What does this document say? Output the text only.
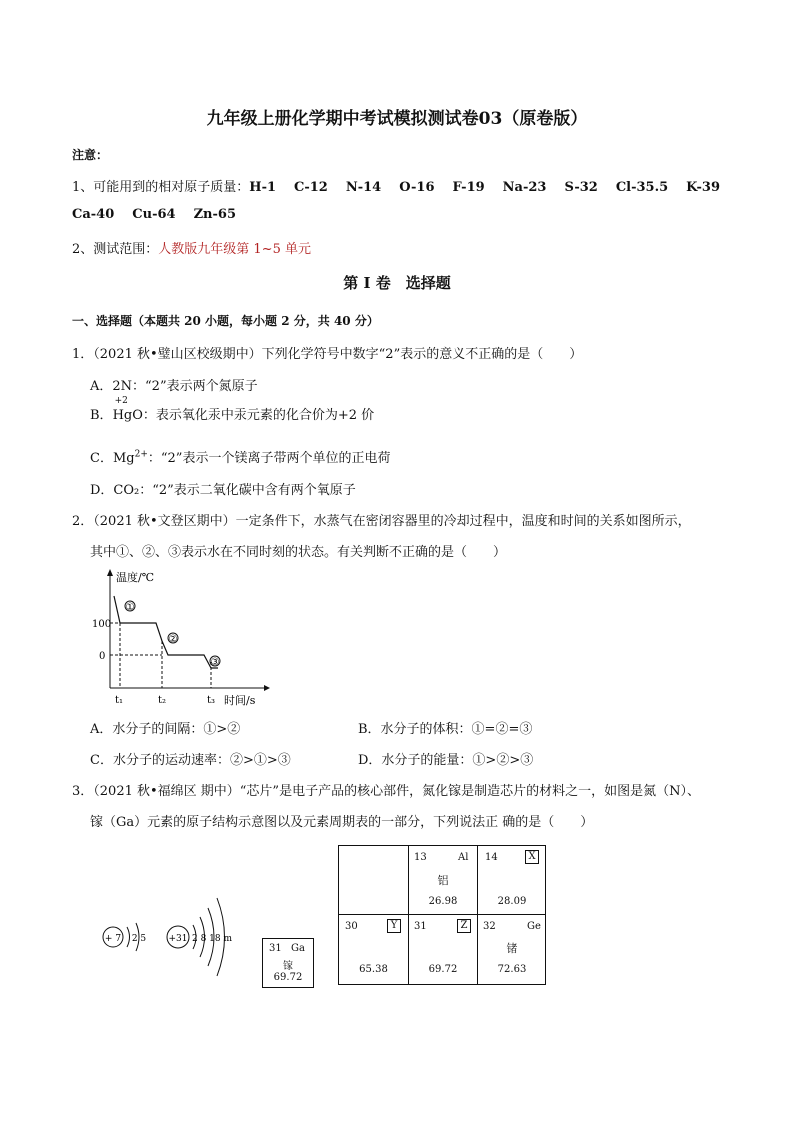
九年级上册化学期中考试模拟测试卷03（原卷版）
注意：
1、可能用到的相对原子质量：H-1 C-12 N-14 O-16 F-19 Na-23 S-32 Cl-35.5 K-39
Ca-40 Cu-64 Zn-65
2、测试范围：人教版九年级第 1~5 单元
第 I 卷　选择题
一、选择题（本题共 20 小题，每小题 2 分，共 40 分）
1．（2021 秋•璧山区校级期中）下列化学符号中数字“2”表示的意义不正确的是（　　）
A．2N：“2”表示两个氮原子
B．
+2
HgO：表示氧化汞中汞元素的化合价为+2 价
C．$Mg^{2+}$：“2”表示一个镁离子带两个单位的正电荷
D．CO₂：“2”表示二氧化碳中含有两个氧原子
2．（2021 秋•文登区期中）一定条件下，水蒸气在密闭容器里的冷却过程中，温度和时间的关系如图所示，
其中①、②、③表示水在不同时刻的状态。有关判断不正确的是（　　）
温度/℃
时间/s
100
0
t₁	t₂	t₃
①
②
③
A．水分子的间隔：①>②	B．水分子的体积：①=②=③
C．水分子的运动速率：②>①>③	D．水分子的能量：①>②>③
3．（2021 秋•福绵区 期中）“芯片”是电子产品的核心部件，氮化镓是制造芯片的材料之一，如图是氮（N）、
镓（Ga）元素的原子结构示意图以及元素周期表的一部分，下列说法正 确的是（　　）
+ 7 2 5 +31 2 8 18 m
31 Ga
镓
69.72
13	Al
铝
26.98
14	X
28.09
30	Y
65.38
31	Z
69.72
32	Ge
锗
72.63
